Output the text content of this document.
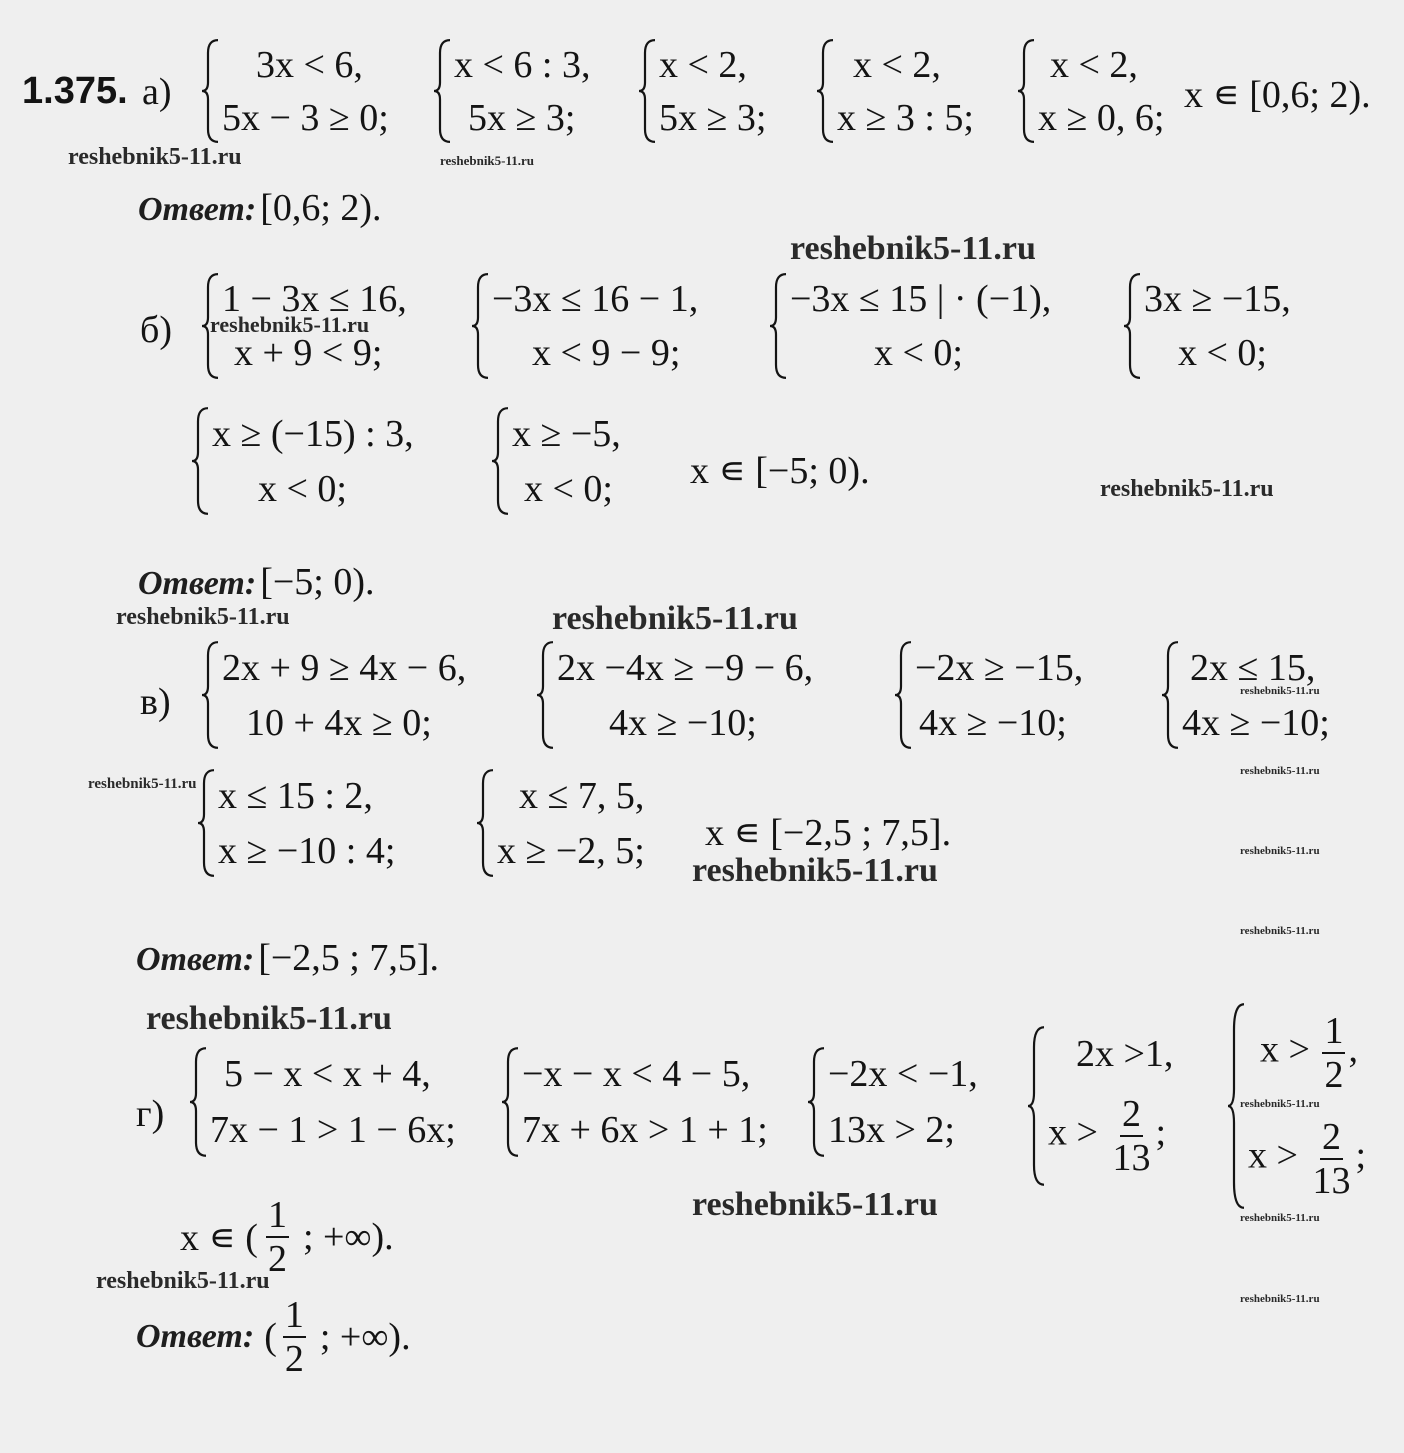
1.375. а)
3x < 6,
5x − 3 ≥ 0;
x < 6 : 3,
5x ≥ 3;
x < 2,
5x ≥ 3;
x < 2,
x ≥ 3 : 5;
x < 2,
x ≥ 0, 6;
x ∊ [0,6; 2).
reshebnik5-11.ru	reshebnik5-11.ru
Ответ: [0,6; 2).
reshebnik5-11.ru
б)
1 − 3x ≤ 16,
x + 9 < 9;
reshebnik5-11.ru
−3x ≤ 16 − 1,
x < 9 − 9;
−3x ≤ 15 | · (−1),
x < 0;
3x ≥ −15,
x < 0;
x ≥ (−15) : 3,
x < 0;
x ≥ −5,
x < 0;	x ∊ [−5; 0).	reshebnik5-11.ru
Ответ: [−5; 0).
reshebnik5-11.ru	reshebnik5-11.ru
в)
2x + 9 ≥ 4x − 6,
10 + 4x ≥ 0;
2x −4x ≥ −9 − 6,
4x ≥ −10;
−2x ≥ −15,
4x ≥ −10;
2x ≤ 15,
4x ≥ −10;
reshebnik5-11.ru
reshebnik5-11.ru
reshebnik5-11.ru x ≤ 15 : 2,
x ≥ −10 : 4;
x ≤ 7, 5,
x ≥ −2, 5;	x ∊ [−2,5 ; 7,5].	reshebnik5-11.ru
reshebnik5-11.ru
reshebnik5-11.ru
Ответ: [−2,5 ; 7,5].
reshebnik5-11.ru
г)
5 − x < x + 4,
7x − 1 > 1 − 6x;
−x − x < 4 − 5,
7x + 6x > 1 + 1;
−2x < −1,
13x > 2;
2x >1,
$x > \frac{2}{13}$ ;
$x > \frac{1}{2}$ ,
$x > \frac{2}{13}$ ;
reshebnik5-11.ru
reshebnik5-11.ru
x ∊ ( $\frac{1}{2}$ ; +∞).
reshebnik5-11.ru
reshebnik5-11.ru
reshebnik5-11.ru
Ответ: ( $\frac{1}{2}$ ; +∞).
